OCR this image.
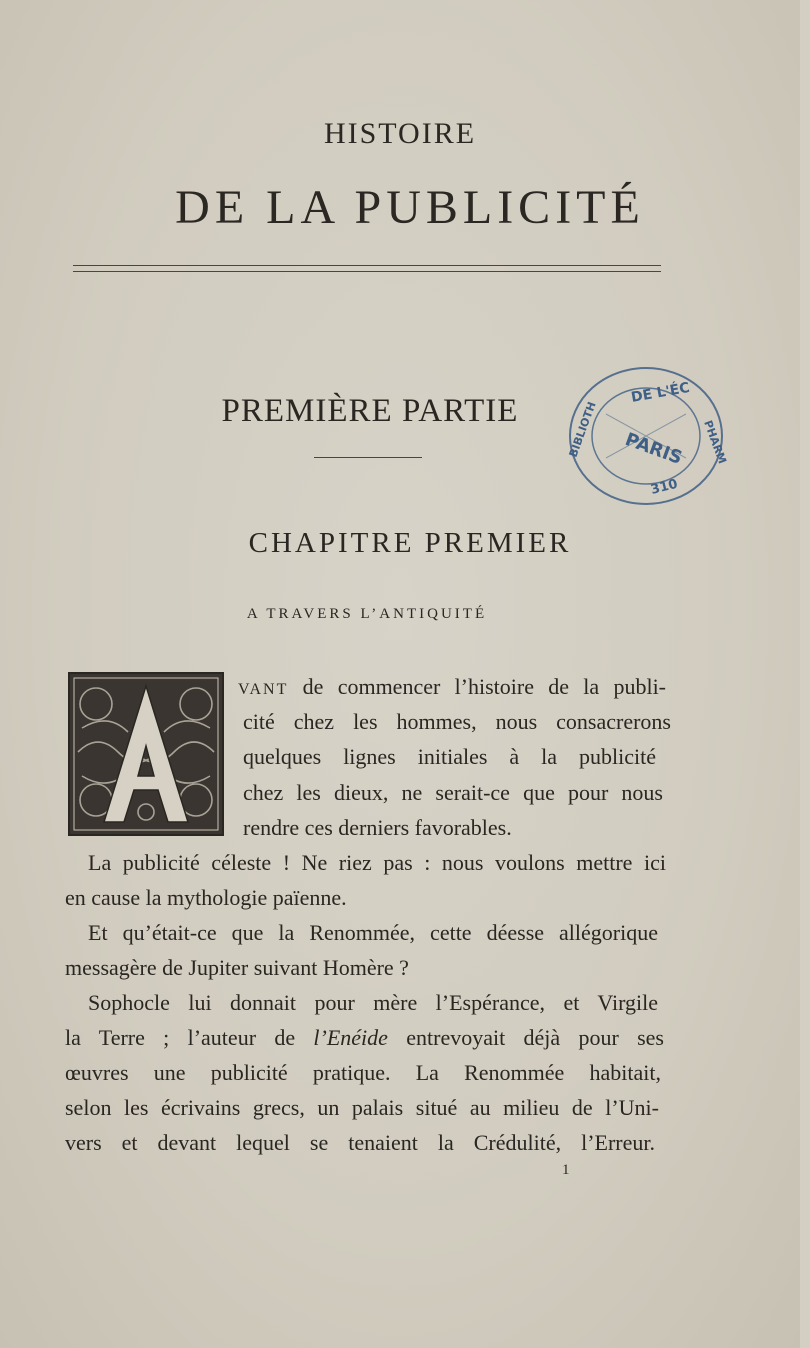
HISTOIRE
DE LA PUBLICITÉ
PREMIÈRE PARTIE
DE L'ÉC
PARIS
310
BIBLIOTH	PHARM
CHAPITRE PREMIER
A TRAVERS L’ANTIQUITÉ
VANT de commencer l’histoire de la publi-
cité chez les hommes, nous consacrerons
quelques lignes initiales à la publicité
chez les dieux, ne serait-ce que pour nous
rendre ces derniers favorables.
La publicité céleste ! Ne riez pas : nous voulons mettre ici
en cause la mythologie païenne.
Et qu’était-ce que la Renommée, cette déesse allégorique
messagère de Jupiter suivant Homère ?
Sophocle lui donnait pour mère l’Espérance, et Virgile
la Terre ; l’auteur de l’Enéide entrevoyait déjà pour ses
œuvres une publicité pratique. La Renommée habitait,
selon les écrivains grecs, un palais situé au milieu de l’Uni-
vers et devant lequel se tenaient la Crédulité, l’Erreur.
1
